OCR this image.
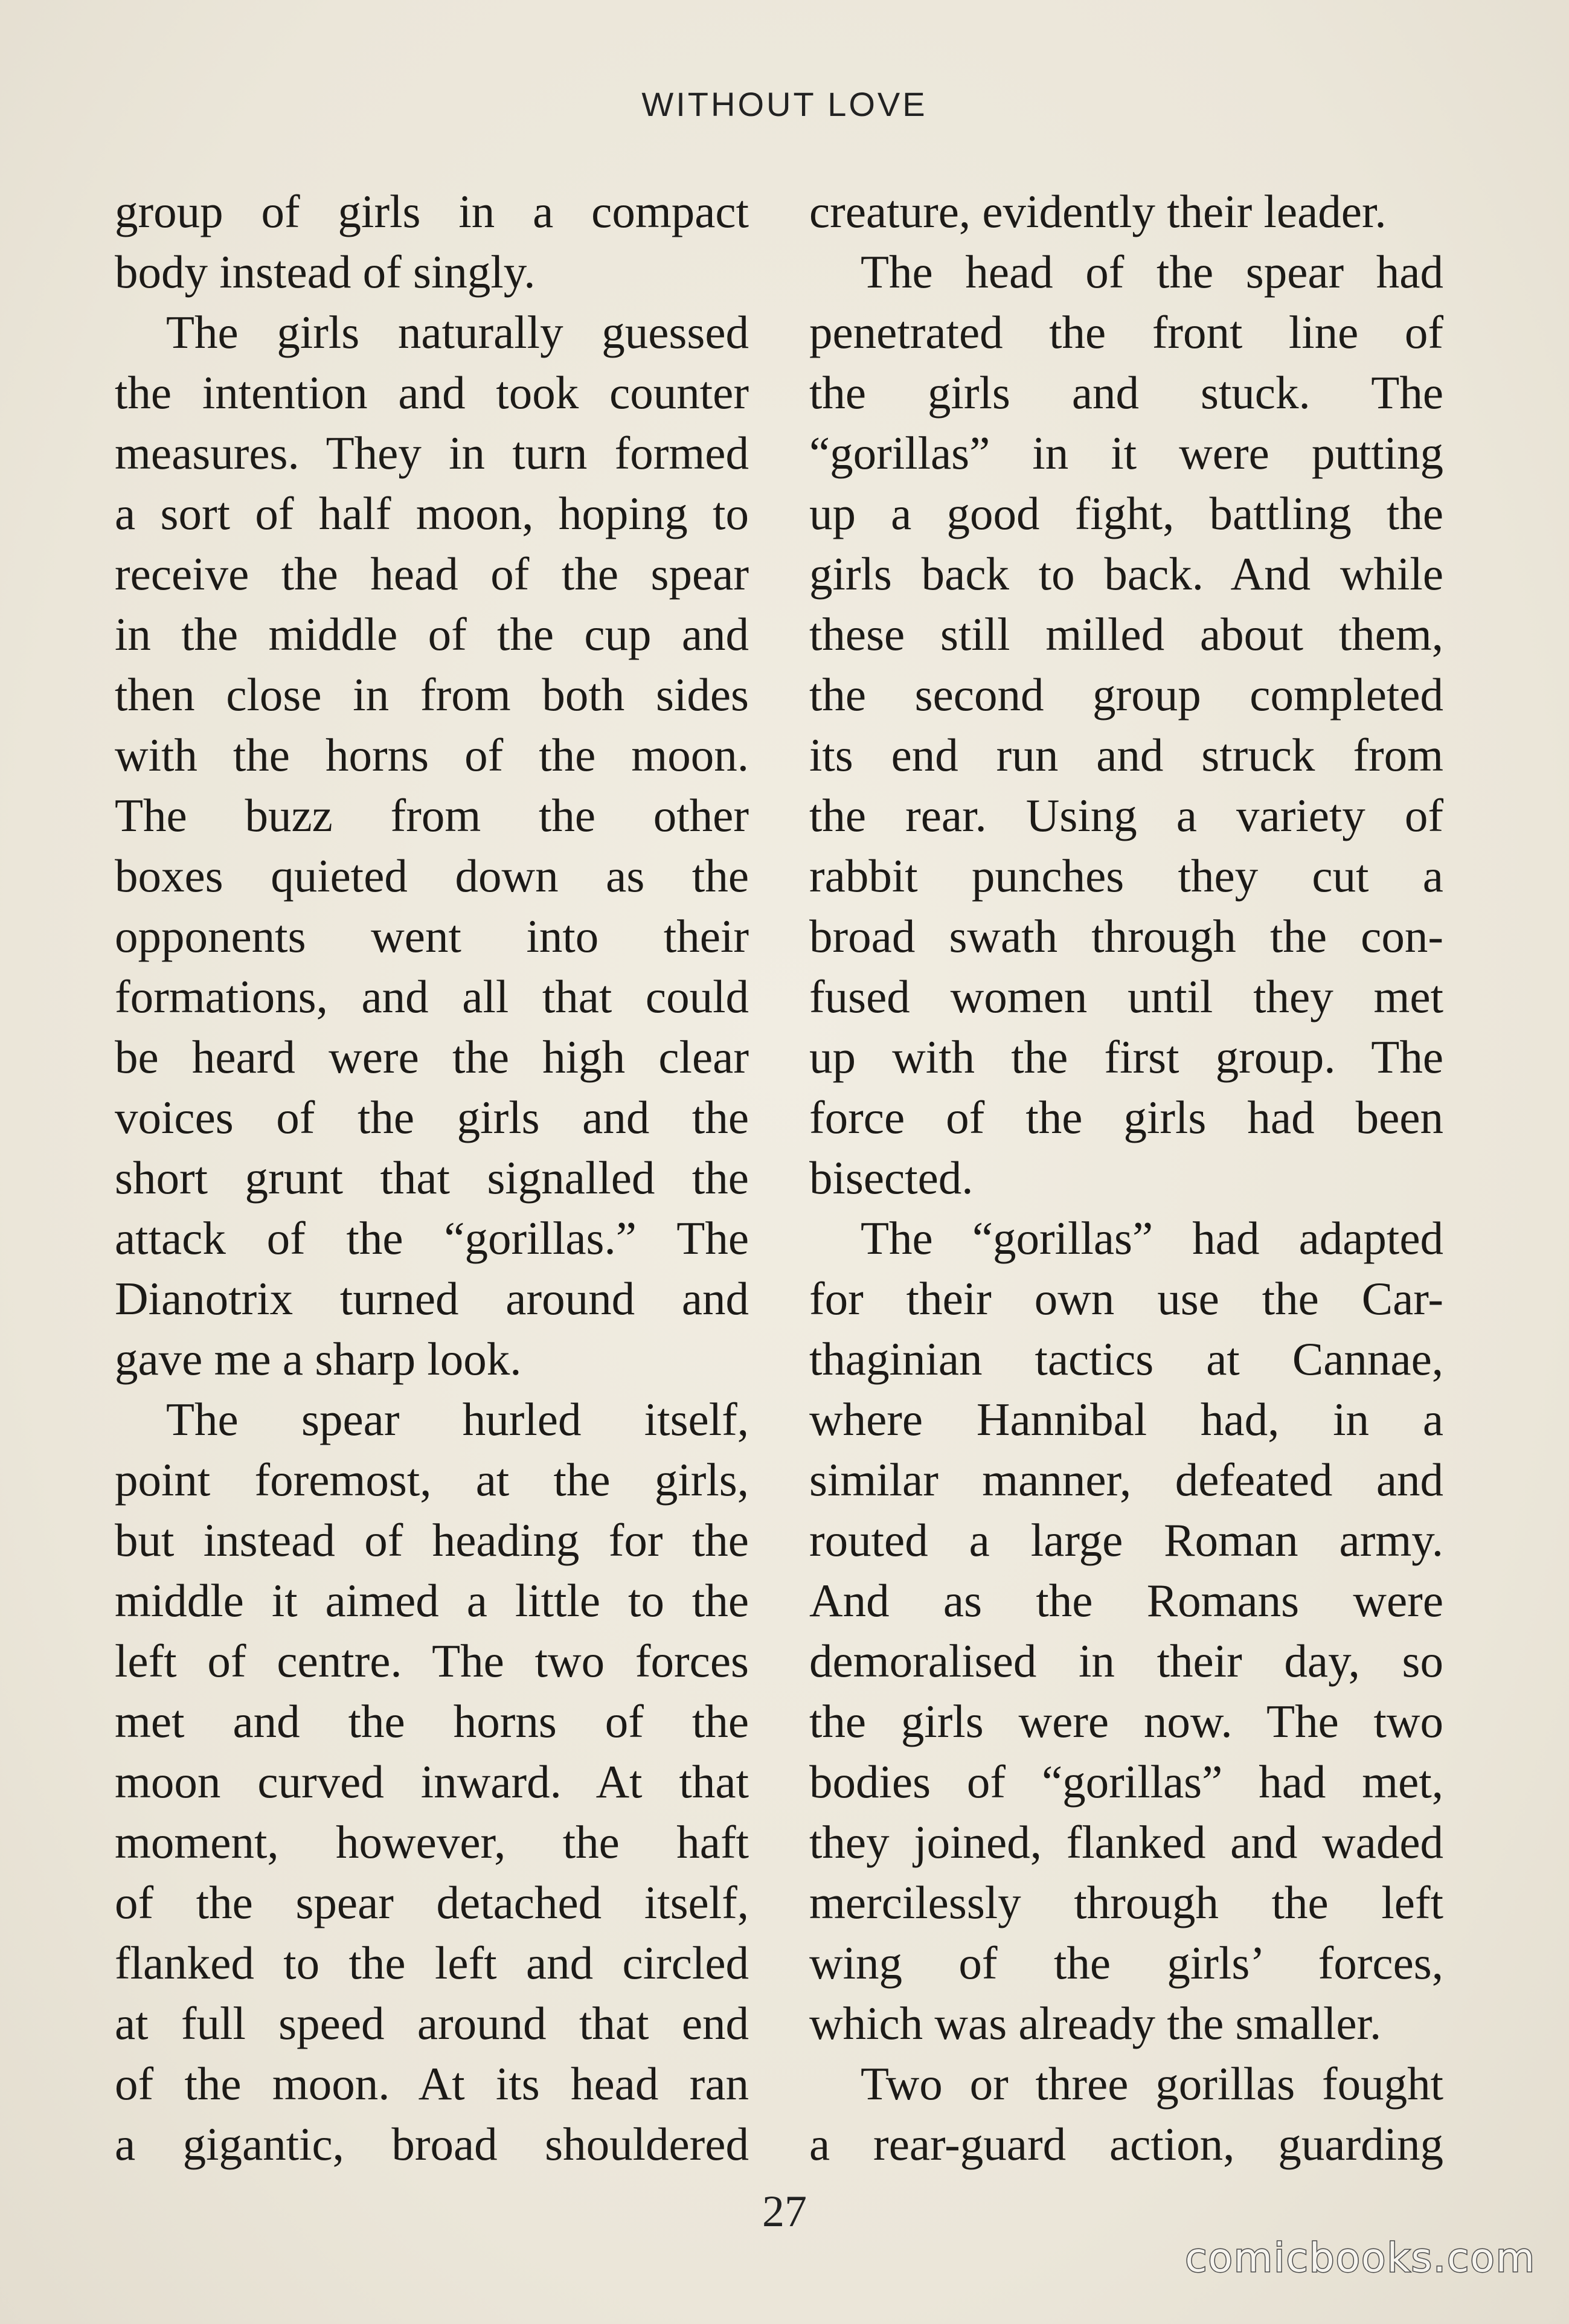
WITHOUT LOVE
group of girls in a compact
body instead of singly.
The girls naturally guessed
the intention and took counter
measures. They in turn formed
a sort of half moon, hoping to
receive the head of the spear
in the middle of the cup and
then close in from both sides
with the horns of the moon.
The buzz from the other
boxes quieted down as the
opponents went into their
formations, and all that could
be heard were the high clear
voices of the girls and the
short grunt that signalled the
attack of the “gorillas.” The
Dianotrix turned around and
gave me a sharp look.
The spear hurled itself,
point foremost, at the girls,
but instead of heading for the
middle it aimed a little to the
left of centre. The two forces
met and the horns of the
moon curved inward. At that
moment, however, the haft
of the spear detached itself,
flanked to the left and circled
at full speed around that end
of the moon. At its head ran
a gigantic, broad shouldered
creature, evidently their leader.
The head of the spear had
penetrated the front line of
the girls and stuck. The
“gorillas” in it were putting
up a good fight, battling the
girls back to back. And while
these still milled about them,
the second group completed
its end run and struck from
the rear. Using a variety of
rabbit punches they cut a
broad swath through the con-
fused women until they met
up with the first group. The
force of the girls had been
bisected.
The “gorillas” had adapted
for their own use the Car-
thaginian tactics at Cannae,
where Hannibal had, in a
similar manner, defeated and
routed a large Roman army.
And as the Romans were
demoralised in their day, so
the girls were now. The two
bodies of “gorillas” had met,
they joined, flanked and waded
mercilessly through the left
wing of the girls’ forces,
which was already the smaller.
Two or three gorillas fought
a rear-guard action, guarding
27
comicbooks.com
